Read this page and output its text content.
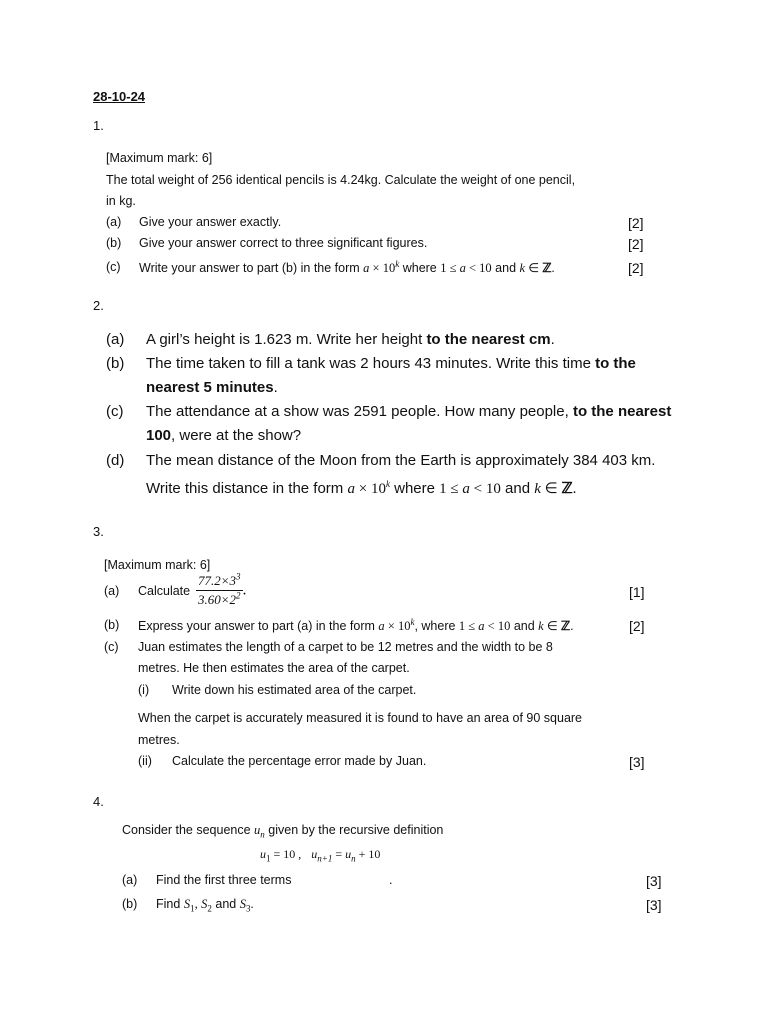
28-10-24
1.
[Maximum mark: 6]
The total weight of 256 identical pencils is 4.24kg. Calculate the weight of one pencil,
in kg.
(a) Give your answer exactly.	[2]
(b) Give your answer correct to three significant figures.	[2]
(c) Write your answer to part (b) in the form $a \times 10^k$ where 1 ≤ a < 10 and k ∈ ℤ.	[2]
2.
(a) A girl’s height is 1.623 m. Write her height to the nearest cm.
(b) The time taken to fill a tank was 2 hours 43 minutes. Write this time to the
nearest 5 minutes.
(c) The attendance at a show was 2591 people. How many people, to the nearest
100, were at the show?
(d) The mean distance of the Moon from the Earth is approximately 384 403 km.
Write this distance in the form $a \times 10^k$ where 1 ≤ a < 10 and k ∈ ℤ.
3.
[Maximum mark: 6]
(a) Calculate $\frac{77.2\times 3^3}{3.60\times 2^2}$ .	[1]
(b) Express your answer to part (a) in the form $a \times 10^k$, where 1 ≤ a < 10 and k ∈ ℤ.	[2]
(c) Juan estimates the length of a carpet to be 12 metres and the width to be 8
metres. He then estimates the area of the carpet.
(i) Write down his estimated area of the carpet.
When the carpet is accurately measured it is found to have an area of 90 square
metres.
(ii) Calculate the percentage error made by Juan.	[3]
4.
Consider the sequence $u_n$ given by the recursive definition
$u_1 = 10$ , $u_{n+1} = u_n + 10$
(a) Find the first three terms	.	[3]
(b) Find $S_1$, $S_2$ and $S_3$.	[3]
